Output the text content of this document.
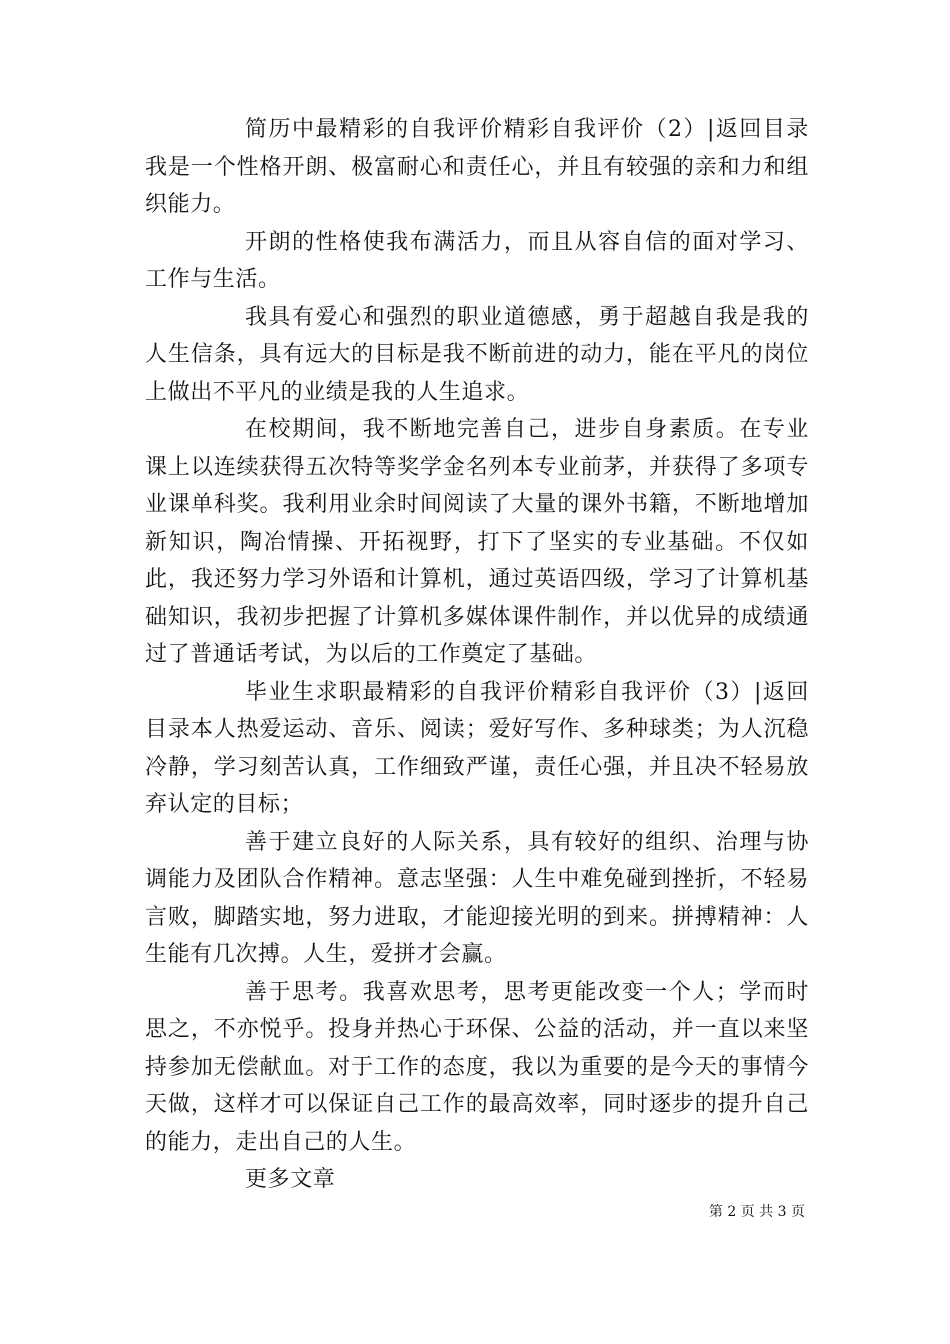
简历中最精彩的自我评价精彩自我评价（2）|返回目录我是一个性格开朗、极富耐心和责任心，并且有较强的亲和力和组织能力。

开朗的性格使我布满活力，而且从容自信的面对学习、工作与生活。

我具有爱心和强烈的职业道德感，勇于超越自我是我的人生信条，具有远大的目标是我不断前进的动力，能在平凡的岗位上做出不平凡的业绩是我的人生追求。

在校期间，我不断地完善自己，进步自身素质。在专业课上以连续获得五次特等奖学金名列本专业前茅，并获得了多项专业课单科奖。我利用业余时间阅读了大量的课外书籍，不断地增加新知识，陶冶情操、开拓视野，打下了坚实的专业基础。不仅如此，我还努力学习外语和计算机，通过英语四级，学习了计算机基础知识，我初步把握了计算机多媒体课件制作，并以优异的成绩通过了普通话考试，为以后的工作奠定了基础。

毕业生求职最精彩的自我评价精彩自我评价（3）|返回目录本人热爱运动、音乐、阅读；爱好写作、多种球类；为人沉稳冷静，学习刻苦认真，工作细致严谨，责任心强，并且决不轻易放弃认定的目标；

善于建立良好的人际关系，具有较好的组织、治理与协调能力及团队合作精神。意志坚强：人生中难免碰到挫折，不轻易言败，脚踏实地，努力进取，才能迎接光明的到来。拼搏精神：人生能有几次搏。人生，爱拼才会赢。

善于思考。我喜欢思考，思考更能改变一个人；学而时思之，不亦悦乎。投身并热心于环保、公益的活动，并一直以来坚持参加无偿献血。对于工作的态度，我以为重要的是今天的事情今天做，这样才可以保证自己工作的最高效率，同时逐步的提升自己的能力，走出自己的人生。

更多文章

第 2 页 共 3 页
